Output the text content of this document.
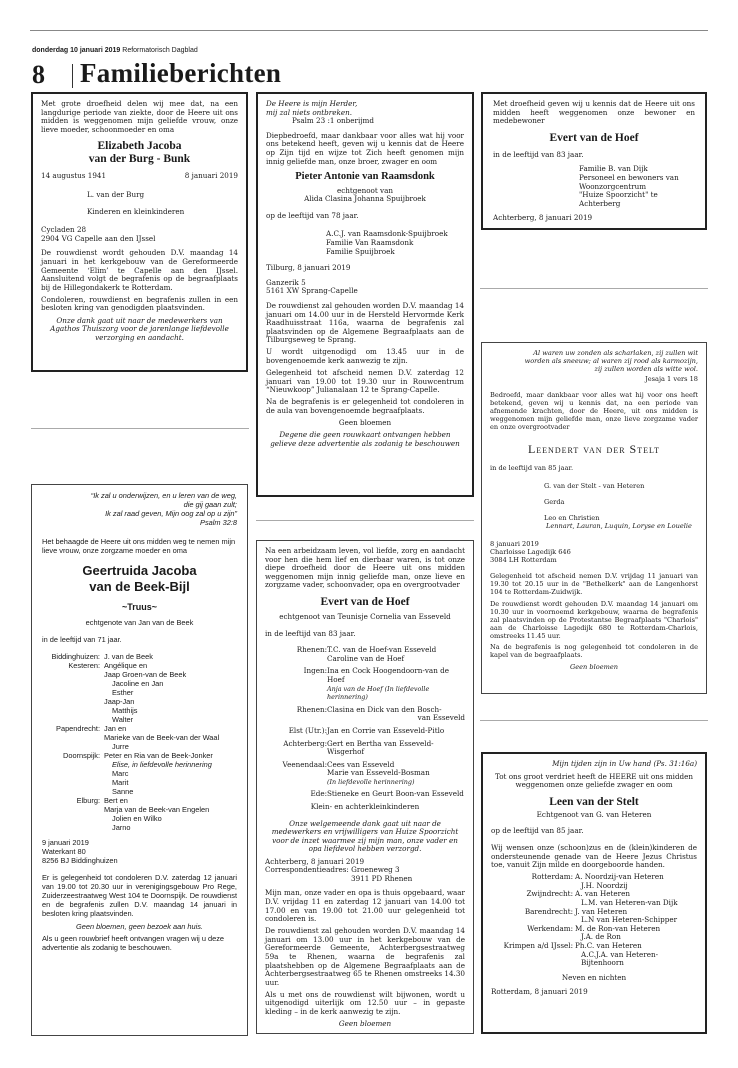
donderdag 10 januari 2019 Reformatorisch Dagblad
8 Familieberichten

Met grote droefheid delen wij mee dat, na een langdurige periode van ziekte, door de Heere uit ons midden is weggenomen mijn geliefde vrouw, onze lieve moeder, schoonmoeder en oma

Elizabeth Jacoba
van der Burg - Bunk
14 augustus 1941	8 januari 2019

L. van der Burg

Kinderen en kleinkinderen

Cycladen 28

2904 VG Capelle aan den IJssel

De rouwdienst wordt gehouden D.V. maandag 14 januari in het kerkgebouw van de Gereformeerde Gemeente ‘Elim’ te Capelle aan den IJssel. Aansluitend volgt de begrafenis op de begraafplaats bij de Hillegondakerk te Rotterdam.

Condoleren, rouwdienst en begrafenis zullen in een besloten kring van genodigden plaatsvinden.

Onze dank gaat uit naar de medewerkers van Agathos Thuiszorg voor de jarenlange liefdevolle verzorging en aandacht.

De Heere is mijn Herder,

mij zal niets ontbreken.

Psalm 23 :1 onberijmd

Diepbedroefd, maar dankbaar voor alles wat hij voor ons betekend heeft, geven wij u kennis dat de Heere op Zijn tijd en wijze tot Zich heeft genomen mijn innig geliefde man, onze broer, zwager en oom

Pieter Antonie van Raamsdonk

echtgenoot van

Alida Clasina Johanna Spuijbroek

op de leeftijd van 78 jaar.

A.C.J. van Raamsdonk-Spuijbroek

Familie Van Raamsdonk

Familie Spuijbroek

Tilburg, 8 januari 2019

Ganzerik 5

5161 XW Sprang-Capelle

De rouwdienst zal gehouden worden D.V. maandag 14 januari om 14.00 uur in de Hersteld Hervormde Kerk Raadhuisstraat 116a, waarna de begrafenis zal plaatsvinden op de Algemene Begraafplaats aan de Tilburgseweg te Sprang.

U wordt uitgenodigd om 13.45 uur in de bovengenoemde kerk aanwezig te zijn.

Gelegenheid tot afscheid nemen D.V. zaterdag 12 januari van 19.00 tot 19.30 uur in Rouwcentrum “Nieuwkoop” Julianalaan 12 te Sprang-Capelle.

Na de begrafenis is er gelegenheid tot condoleren in de aula van bovengenoemde begraafplaats.

Geen bloemen

Degene die geen rouwkaart ontvangen hebben gelieve deze advertentie als zodanig te beschouwen

Met droefheid geven wij u kennis dat de Heere uit ons midden heeft weggenomen onze bewoner en medebewoner

Evert van de Hoef

in de leeftijd van 83 jaar.

Familie B. van Dijk

Personeel en bewoners van

Woonzorgcentrum

"Huize Spoorzicht" te Achterberg

Achterberg, 8 januari 2019

“Ik zal u onderwijzen, en u leren van de weg,

die gij gaan zult;

Ik zal raad geven, Mijn oog zal op u zijn”

Psalm 32:8

Het behaagde de Heere uit ons midden weg te nemen mijn lieve vrouw, onze zorgzame moeder en oma

Geertruida Jacoba
van de Beek-Bijl

~Truus~

echtgenote van Jan van de Beek

in de leeftijd van 71 jaar.

Biddinghuizen: J. van de Beek
Kesteren: Angélique en
Jaap Groen-van de Beek
Jacoline en Jan
Esther
Jaap-Jan
Matthijs
Walter
Papendrecht: Jan en
Marieke van de Beek-van der Waal
Jurre
Doornspijk: Peter en Ria van de Beek-Jonker
Elise, in liefdevolle herinnering
Marc
Marit
Sanne
Elburg: Bert en
Marja van de Beek-van Engelen
Jolien en Wilko
Jarno

9 januari 2019

Waterkant 80

8256 BJ Biddinghuizen

Er is gelegenheid tot condoleren D.V. zaterdag 12 januari van 19.00 tot 20.30 uur in verenigingsgebouw Pro Rege, Zuiderzeestraatweg West 104 te Doornspijk. De rouwdienst en de begrafenis zullen D.V. maandag 14 januari in besloten kring plaatsvinden.

Geen bloemen, geen bezoek aan huis.

Als u geen rouwbrief heeft ontvangen vragen wij u deze advertentie als zodanig te beschouwen.

Na een arbeidzaam leven, vol liefde, zorg en aandacht voor hen die hem lief en dierbaar waren, is tot onze diepe droefheid door de Heere uit ons midden weggenomen mijn innig geliefde man, onze lieve en zorgzame vader, schoonvader, opa en overgrootvader

Evert van de Hoef

echtgenoot van Teunisje Cornelia van Esseveld

in de leeftijd van 83 jaar.

Rhenen: T.C. van de Hoef-van Esseveld
Caroline van de Hoef
Ingen: Ina en Cock Hoogendoorn-van de Hoef
Anja van de Hoef (In liefdevolle herinnering)
Rhenen: Clasina en Dick van den Bosch-
van Esseveld
Elst (Utr.): Jan en Corrie van Esseveld-Pitlo
Achterberg: Gert en Bertha van Esseveld-Wisgerhof
Veenendaal: Cees van Esseveld
Marie van Esseveld-Bosman
(In liefdevolle herinnering)
Ede: Stieneke en Geurt Boon-van Esseveld

Klein- en achterkleinkinderen

Onze welgemeende dank gaat uit naar de medewerkers en vrijwilligers van Huize Spoorzicht voor de inzet waarmee zij mijn man, onze vader en opa liefdevol hebben verzorgd.

Achterberg, 8 januari 2019

Correspondentieadres: Groeneweg 3

3911 PD Rhenen

Mijn man, onze vader en opa is thuis opgebaard, waar D.V. vrijdag 11 en zaterdag 12 januari van 14.00 tot 17.00 en van 19.00 tot 21.00 uur gelegenheid tot condoleren is.

De rouwdienst zal gehouden worden D.V. maandag 14 januari om 13.00 uur in het kerkgebouw van de Gereformeerde Gemeente, Achterbergsestraatweg 59a te Rhenen, waarna de begrafenis zal plaatshebben op de Algemene Begraafplaats aan de Achterbergsestraatweg 65 te Rhenen omstreeks 14.30 uur.

Als u met ons de rouwdienst wilt bijwonen, wordt u uitgenodigd uiterlijk om 12.50 uur – in gepaste kleding – in de kerk aanwezig te zijn.

Geen bloemen

Al waren uw zonden als scharlaken, zij zullen wit

worden als sneeuw; al waren zij rood als karmozijn,

zij zullen worden als witte wol.

Jesaja 1 vers 18

Bedroefd, maar dankbaar voor alles wat hij voor ons heeft betekend, geven wij u kennis dat, na een periode van afnemende krachten, door de Heere, uit ons midden is weggenomen mijn geliefde man, onze lieve zorgzame vader en onze overgrootvader

Leendert van der Stelt

in de leeftijd van 85 jaar.

G. van der Stelt - van Heteren

Gerda

Leo en Christien

Lennart, Lauran, Luquin, Loryse en Louelie

8 januari 2019

Charloisse Lagedijk 646

3084 LH Rotterdam

Gelegenheid tot afscheid nemen D.V. vrijdag 11 januari van 19.30 tot 20.15 uur in de "Bethelkerk" aan de Langenhorst 104 te Rotterdam-Zuidwijk.

De rouwdienst wordt gehouden D.V. maandag 14 januari om 10.30 uur in voornoemd kerkgebouw, waarna de begrafenis zal plaatsvinden op de Protestantse Begraafplaats "Charlois" aan de Charloisse Lagedijk 680 te Rotterdam-Charlois, omstreeks 11.45 uur.

Na de begrafenis is nog gelegenheid tot condoleren in de kapel van de begraafplaats.

Geen bloemen

Mijn tijden zijn in Uw hand (Ps. 31:16a)

Tot ons groot verdriet heeft de HEERE uit ons midden weggenomen onze geliefde zwager en oom

Leen van der Stelt

Echtgenoot van G. van Heteren

op de leeftijd van 85 jaar.

Wij wensen onze (schoon)zus en de (klein)kinderen de ondersteunende genade van de Heere Jezus Christus toe, vanuit Zijn milde en doorgeboorde handen.

Rotterdam: A. Noordzij-van Heteren
J.H. Noordzij
Zwijndrecht: A. van Heteren
L.M. van Heteren-van Dijk
Barendrecht: J. van Heteren
L.N van Heteren-Schipper
Werkendam: M. de Ron-van Heteren
J.A. de Ron
Krimpen a/d IJssel: Ph.C. van Heteren
A.C.J.A. van Heteren-Bijtenhoorn

Neven en nichten

Rotterdam, 8 januari 2019
